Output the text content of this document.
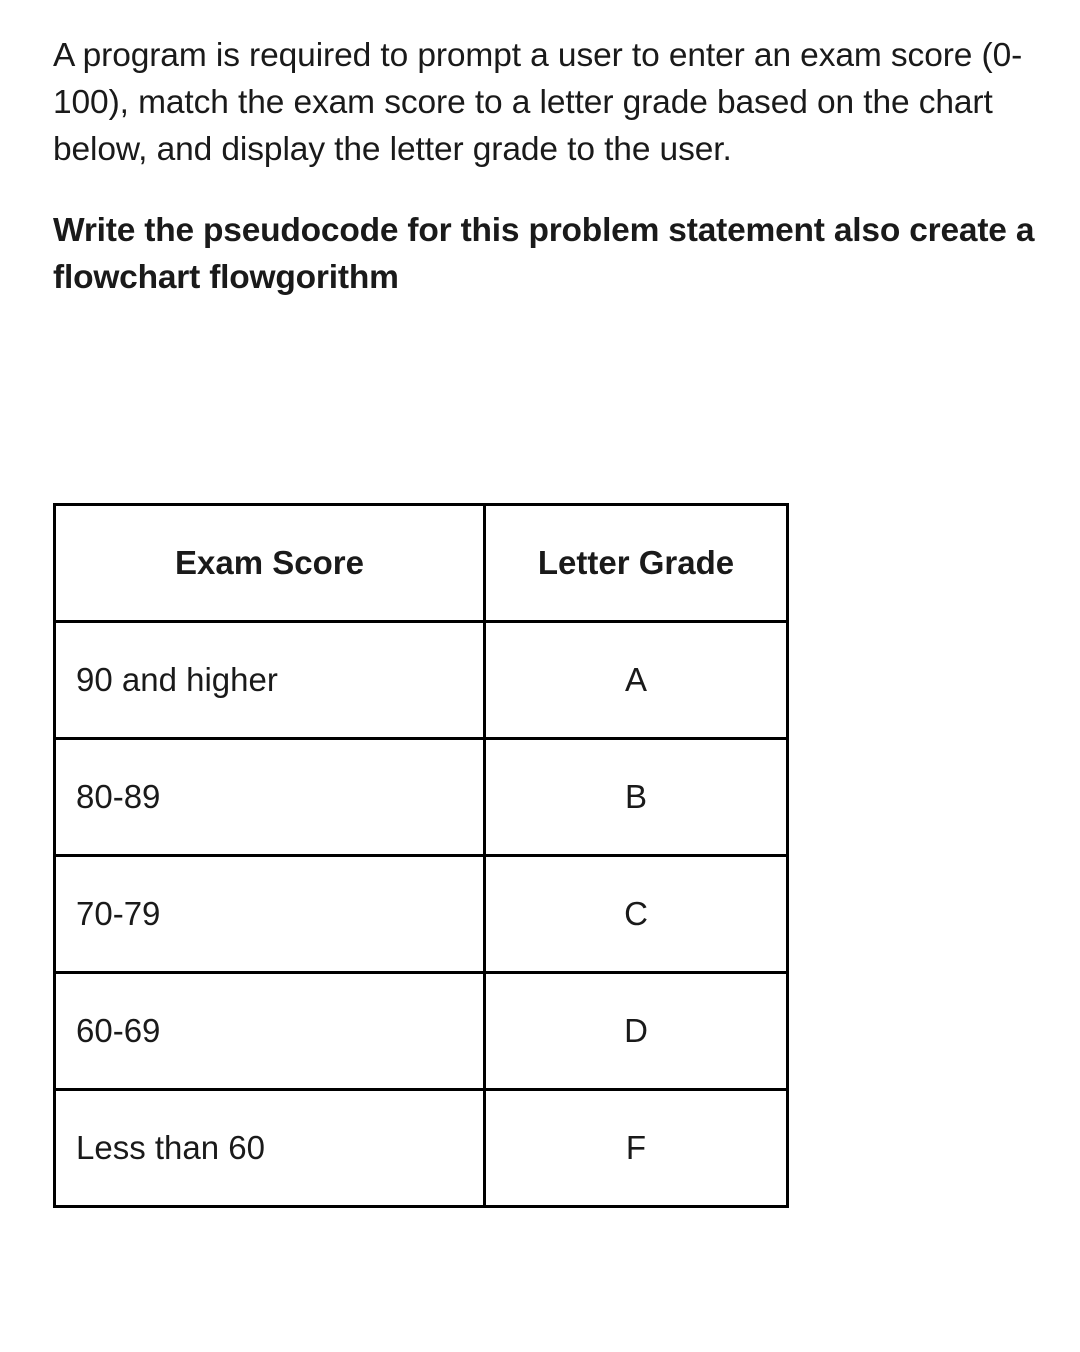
A program is required to prompt a user to enter an exam score (0-100), match the exam score to a letter grade based on the chart below, and display the letter grade to the user.

Write the pseudocode for this problem statement also create a flowchart flowgorithm

Exam Score	Letter Grade
90 and higher	A
80-89	B
70-79	C
60-69	D
Less than 60	F
